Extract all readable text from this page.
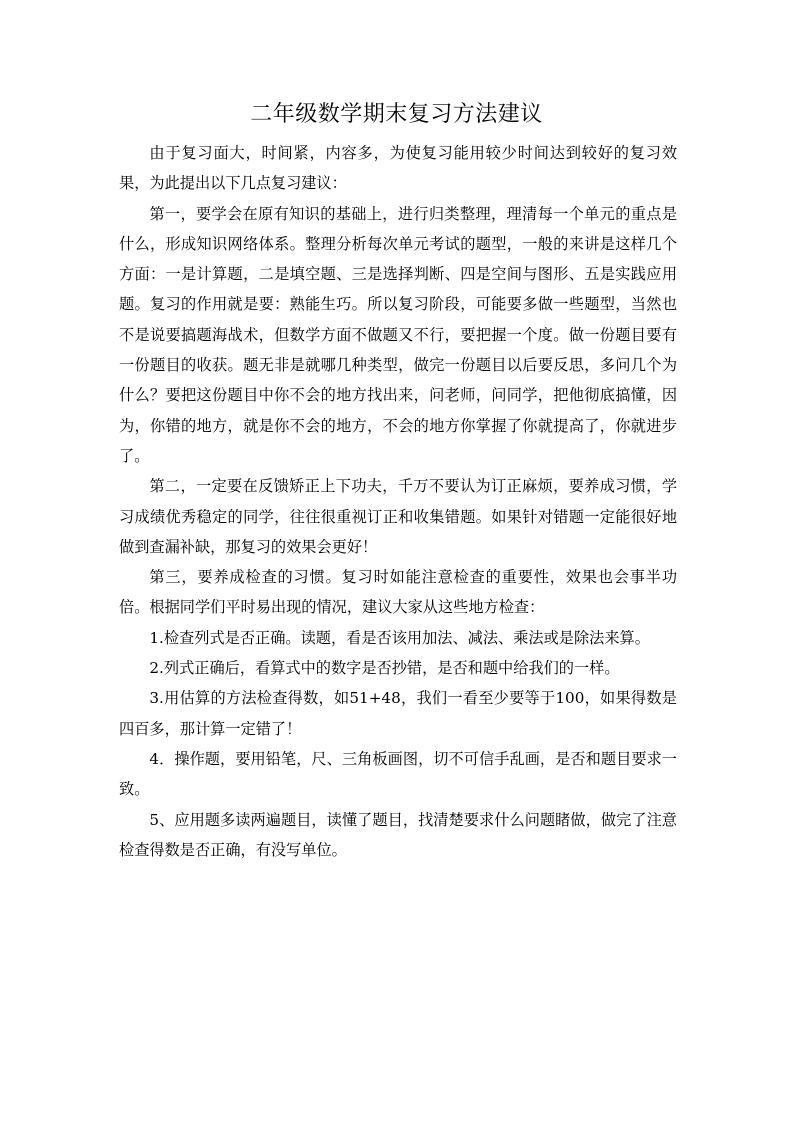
二年级数学期末复习方法建议

由于复习面大，时间紧，内容多，为使复习能用较少时间达到较好的复习效果，为此提出以下几点复习建议：

第一，要学会在原有知识的基础上，进行归类整理，理清每一个单元的重点是什么，形成知识网络体系。整理分析每次单元考试的题型，一般的来讲是这样几个方面：一是计算题，二是填空题、三是选择判断、四是空间与图形、五是实践应用题。复习的作用就是要：熟能生巧。所以复习阶段，可能要多做一些题型，当然也不是说要搞题海战术，但数学方面不做题又不行，要把握一个度。做一份题目要有一份题目的收获。题无非是就哪几种类型，做完一份题目以后要反思，多问几个为什么？要把这份题目中你不会的地方找出来，问老师，问同学，把他彻底搞懂，因为，你错的地方，就是你不会的地方，不会的地方你掌握了你就提高了，你就进步了。

第二，一定要在反馈矫正上下功夫，千万不要认为订正麻烦，要养成习惯，学习成绩优秀稳定的同学，往往很重视订正和收集错题。如果针对错题一定能很好地做到查漏补缺，那复习的效果会更好！

第三，要养成检查的习惯。复习时如能注意检查的重要性，效果也会事半功倍。根据同学们平时易出现的情况，建议大家从这些地方检查：

1.检查列式是否正确。读题，看是否该用加法、减法、乘法或是除法来算。

2.列式正确后，看算式中的数字是否抄错，是否和题中给我们的一样。

3.用估算的方法检查得数，如51+48，我们一看至少要等于100，如果得数是四百多，那计算一定错了！

4．操作题，要用铅笔，尺、三角板画图，切不可信手乱画，是否和题目要求一致。

5、应用题多读两遍题目，读懂了题目，找清楚要求什么问题睹做，做完了注意检查得数是否正确，有没写单位。
